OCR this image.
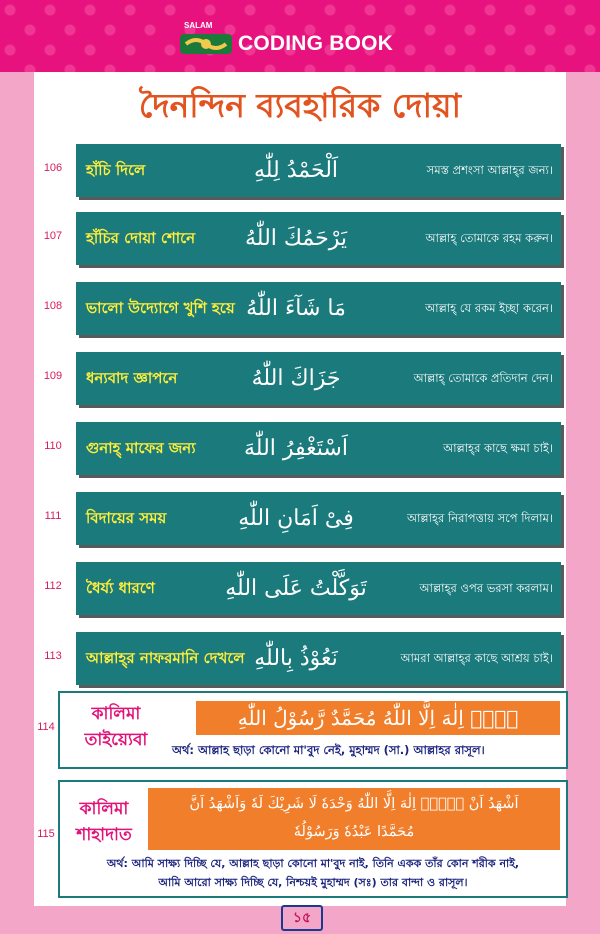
SALAM
CODING BOOK
দৈনন্দিন ব্যবহারিক দোয়া
106	হাঁচি দিলে	اَلْحَمْدُ لِلّٰهِ	সমস্ত প্রশংসা আল্লাহ্‌র জন্য।
107	হাঁচির দোয়া শোনে	يَرْحَمُكَ اللّٰهُ	আল্লাহ্‌ তোমাকে রহম করুন।
108	ভালো উদ্যোগে খুশি হয়ে مَا شَآءَ اللّٰهُ	আল্লাহ্‌ যে রকম ইচ্ছা করেন।
109	ধন্যবাদ জ্ঞাপনে	جَزَاكَ اللّٰهُ	আল্লাহ্‌ তোমাকে প্রতিদান দেন।
110	গুনাহ্‌ মাফের জন্য	اَسْتَغْفِرُ اللّٰهَ	আল্লাহ্‌র কাছে ক্ষমা চাই।
111	বিদায়ের সময়	فِىْ اَمَانِ اللّٰهِ	আল্লাহ্‌র নিরাপত্তায় সপে দিলাম।
112	ধৈর্য্য ধারণে	تَوَكَّلْتُ عَلَى اللّٰهِ	আল্লাহ্‌র ওপর ভরসা করলাম।
113	আল্লাহ্‌র নাফরমানি দেখলে نَعُوْذُ بِاللّٰهِ	আমরা আল্লাহ্‌র কাছে আশ্রয় চাই।
114
কালিমা
তাইয়্যেবা
لَاۤ اِلٰهَ اِلَّا اللّٰهُ مُحَمَّدٌ رَّسُوْلُ اللّٰهِ
অর্থ: আল্লাহ ছাড়া কোনো মা'বুদ নেই, মুহাম্মদ (সা.) আল্লাহর রাসূল।
115
কালিমা
শাহাদাত
اَشْهَدُ اَنْ لَّاۤ اِلٰهَ اِلَّا اللّٰهُ وَحْدَهٗ لَا شَرِيْكَ لَهٗ وَاَشْهَدُ اَنَّ
مُحَمَّدًا عَبْدُهٗ وَرَسُوْلُهٗ
অর্থ: আমি সাক্ষ্য দিচ্ছি যে, আল্লাহ ছাড়া কোনো মা'বুদ নাই, তিনি একক তাঁর কোন শরীক নাই,
আমি আরো সাক্ষ্য দিচ্ছি যে, নিশ্চয়ই মুহাম্মদ (সঃ) তার বান্দা ও রাসূল।
১৫
